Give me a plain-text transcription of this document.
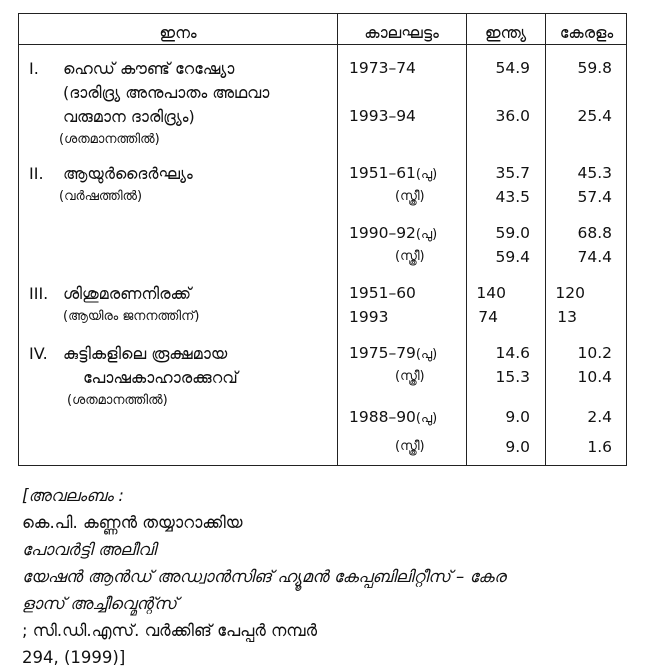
ഇനം	കാലഘട്ടം	ഇന്ത്യ	കേരളം
I. ഹെഡ് കൗണ്ട് റേഷ്യോ
(ദാരിദ്ര്യ അനുപാതം അഥവാ
വരുമാന ദാരിദ്ര്യം)
(ശതമാനത്തിൽ)
1973–74	54.9	59.8
1993–94	36.0	25.4
II. ആയുർദൈർഘ്യം
(വർഷത്തിൽ)
1951–61(പു)	35.7	45.3
(സ്ത്രീ)	43.5	57.4
1990–92(പു)	59.0	68.8
(സ്ത്രീ)	59.4	74.4
III. ശിശുമരണനിരക്ക്
(ആയിരം ജനനത്തിന്)
1951–60	140	120
1993	74	13
IV. കുട്ടികളിലെ രൂക്ഷമായ
പോഷകാഹാരക്കുറവ്
(ശതമാനത്തിൽ)
1975–79(പു)	14.6	10.2
(സ്ത്രീ)	15.3	10.4
1988–90(പു)	9.0	2.4
(സ്ത്രീ)	9.0	1.6
[അവലംബം :
കെ.പി. കണ്ണൻ തയ്യാറാക്കിയ
പോവർട്ടി അലീവി
യേഷൻ ആൻഡ് അഡ്വാൻസിങ് ഹ്യൂമൻ കേപ്പബിലിറ്റീസ് – കേര
ളാസ് അച്ചീവ്മെന്റ്സ്
; സി.ഡി.എസ്. വർക്കിങ് പേപ്പർ നമ്പർ
294, (1999)]
